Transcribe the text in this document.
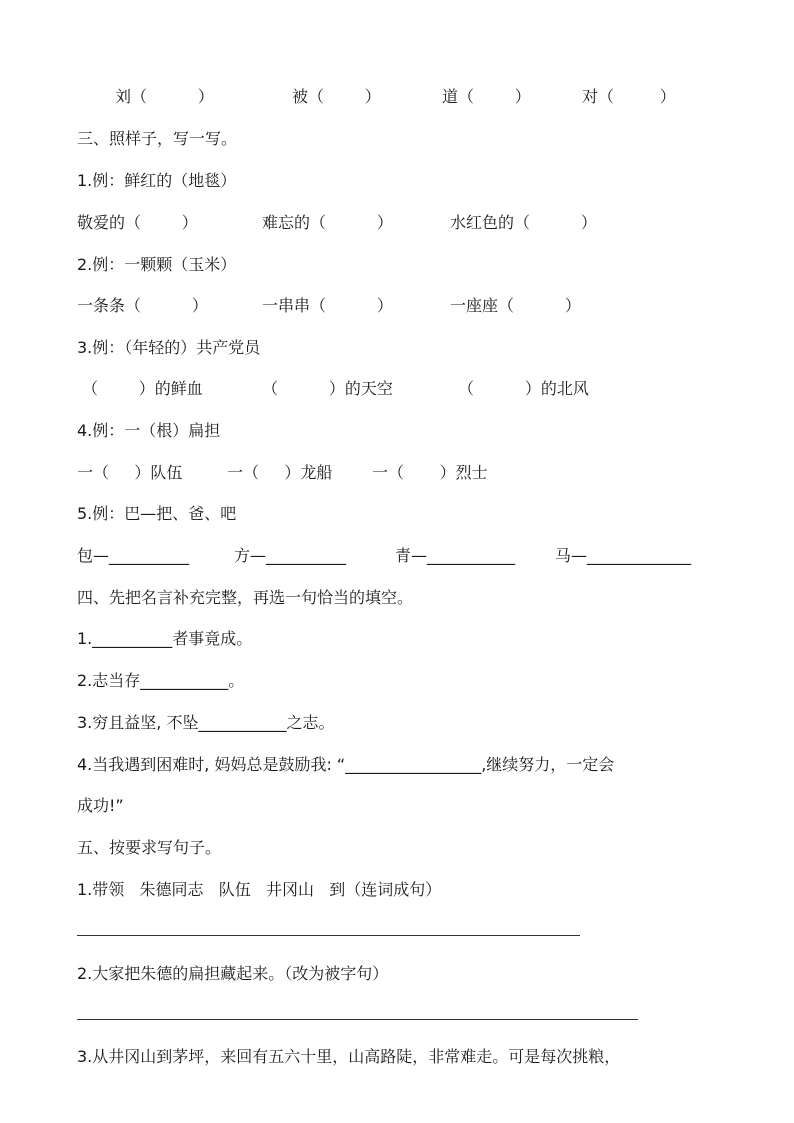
刘（          ）	被（        ）	道（        ）	对（         ）
三、照样子，写一写。
1.例：鲜红的（地毯）
敬爱的（        ）	难忘的（          ）	水红色的（          ）
2.例：一颗颗（玉米）
一条条（          ）	一串串（          ）	一座座（          ）
3.例：（年轻的）共产党员
（        ）的鲜血	（          ）的天空	（          ）的北风
4.例：一（根）扁担
一（     ）队伍	一（     ）龙船 一（       ）烈士
5.例：巴—把、爸、吧
包—__________	方—__________	青—___________ 马—_____________
四、先把名言补充完整，再选一句恰当的填空。
1.__________者事竟成。
2.志当存___________。
3.穷且益坚, 不坠___________之志。
4.当我遇到困难时, 妈妈总是鼓励我: “_________________,继续努力，一定会
成功!”
五、按要求写句子。
1.带领   朱德同志   队伍   井冈山   到（连词成句）
2.大家把朱德的扁担藏起来。（改为被字句）
3.从井冈山到茅坪，来回有五六十里，山高路陡，非常难走。可是每次挑粮，
